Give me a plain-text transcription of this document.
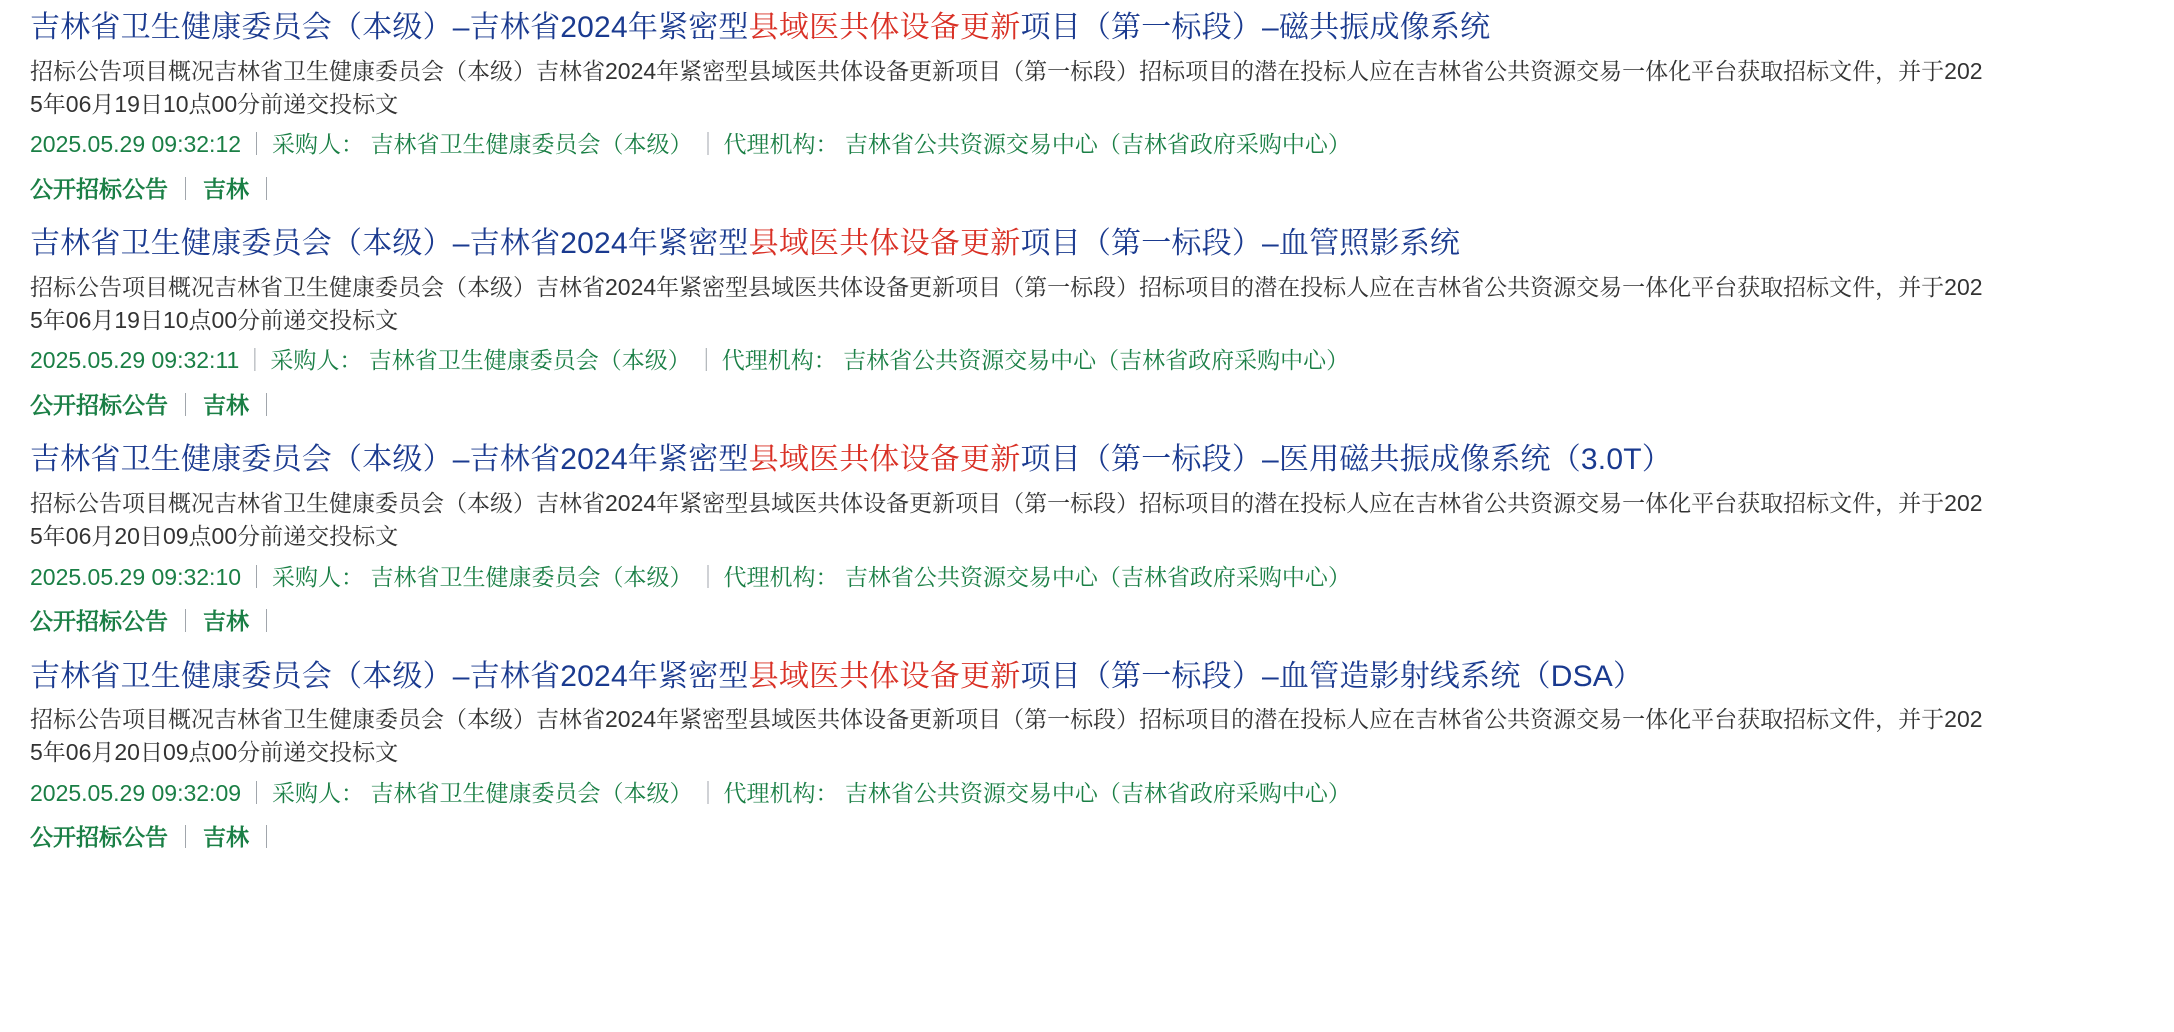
吉林省卫生健康委员会（本级）–吉林省2024年紧密型县域医共体设备更新项目（第一标段）–磁共振成像系统

招标公告项目概况吉林省卫生健康委员会（本级）吉林省2024年紧密型县域医共体设备更新项目（第一标段）招标项目的潜在投标人应在吉林省公共资源交易一体化平台获取招标文件，并于2025年06月19日10点00分前递交投标文

2025.05.29 09:32:12 ｜ 采购人： 吉林省卫生健康委员会（本级） ｜ 代理机构： 吉林省公共资源交易中心（吉林省政府采购中心）
公开招标公告 ｜ 吉林 ｜
吉林省卫生健康委员会（本级）–吉林省2024年紧密型县域医共体设备更新项目（第一标段）–血管照影系统

招标公告项目概况吉林省卫生健康委员会（本级）吉林省2024年紧密型县域医共体设备更新项目（第一标段）招标项目的潜在投标人应在吉林省公共资源交易一体化平台获取招标文件，并于2025年06月19日10点00分前递交投标文

2025.05.29 09:32:11 ｜ 采购人： 吉林省卫生健康委员会（本级） ｜ 代理机构： 吉林省公共资源交易中心（吉林省政府采购中心）
公开招标公告 ｜ 吉林 ｜
吉林省卫生健康委员会（本级）–吉林省2024年紧密型县域医共体设备更新项目（第一标段）–医用磁共振成像系统（3.0T）

招标公告项目概况吉林省卫生健康委员会（本级）吉林省2024年紧密型县域医共体设备更新项目（第一标段）招标项目的潜在投标人应在吉林省公共资源交易一体化平台获取招标文件，并于2025年06月20日09点00分前递交投标文

2025.05.29 09:32:10 ｜ 采购人： 吉林省卫生健康委员会（本级） ｜ 代理机构： 吉林省公共资源交易中心（吉林省政府采购中心）
公开招标公告 ｜ 吉林 ｜
吉林省卫生健康委员会（本级）–吉林省2024年紧密型县域医共体设备更新项目（第一标段）–血管造影射线系统（DSA）

招标公告项目概况吉林省卫生健康委员会（本级）吉林省2024年紧密型县域医共体设备更新项目（第一标段）招标项目的潜在投标人应在吉林省公共资源交易一体化平台获取招标文件，并于2025年06月20日09点00分前递交投标文

2025.05.29 09:32:09 ｜ 采购人： 吉林省卫生健康委员会（本级） ｜ 代理机构： 吉林省公共资源交易中心（吉林省政府采购中心）
公开招标公告 ｜ 吉林 ｜
